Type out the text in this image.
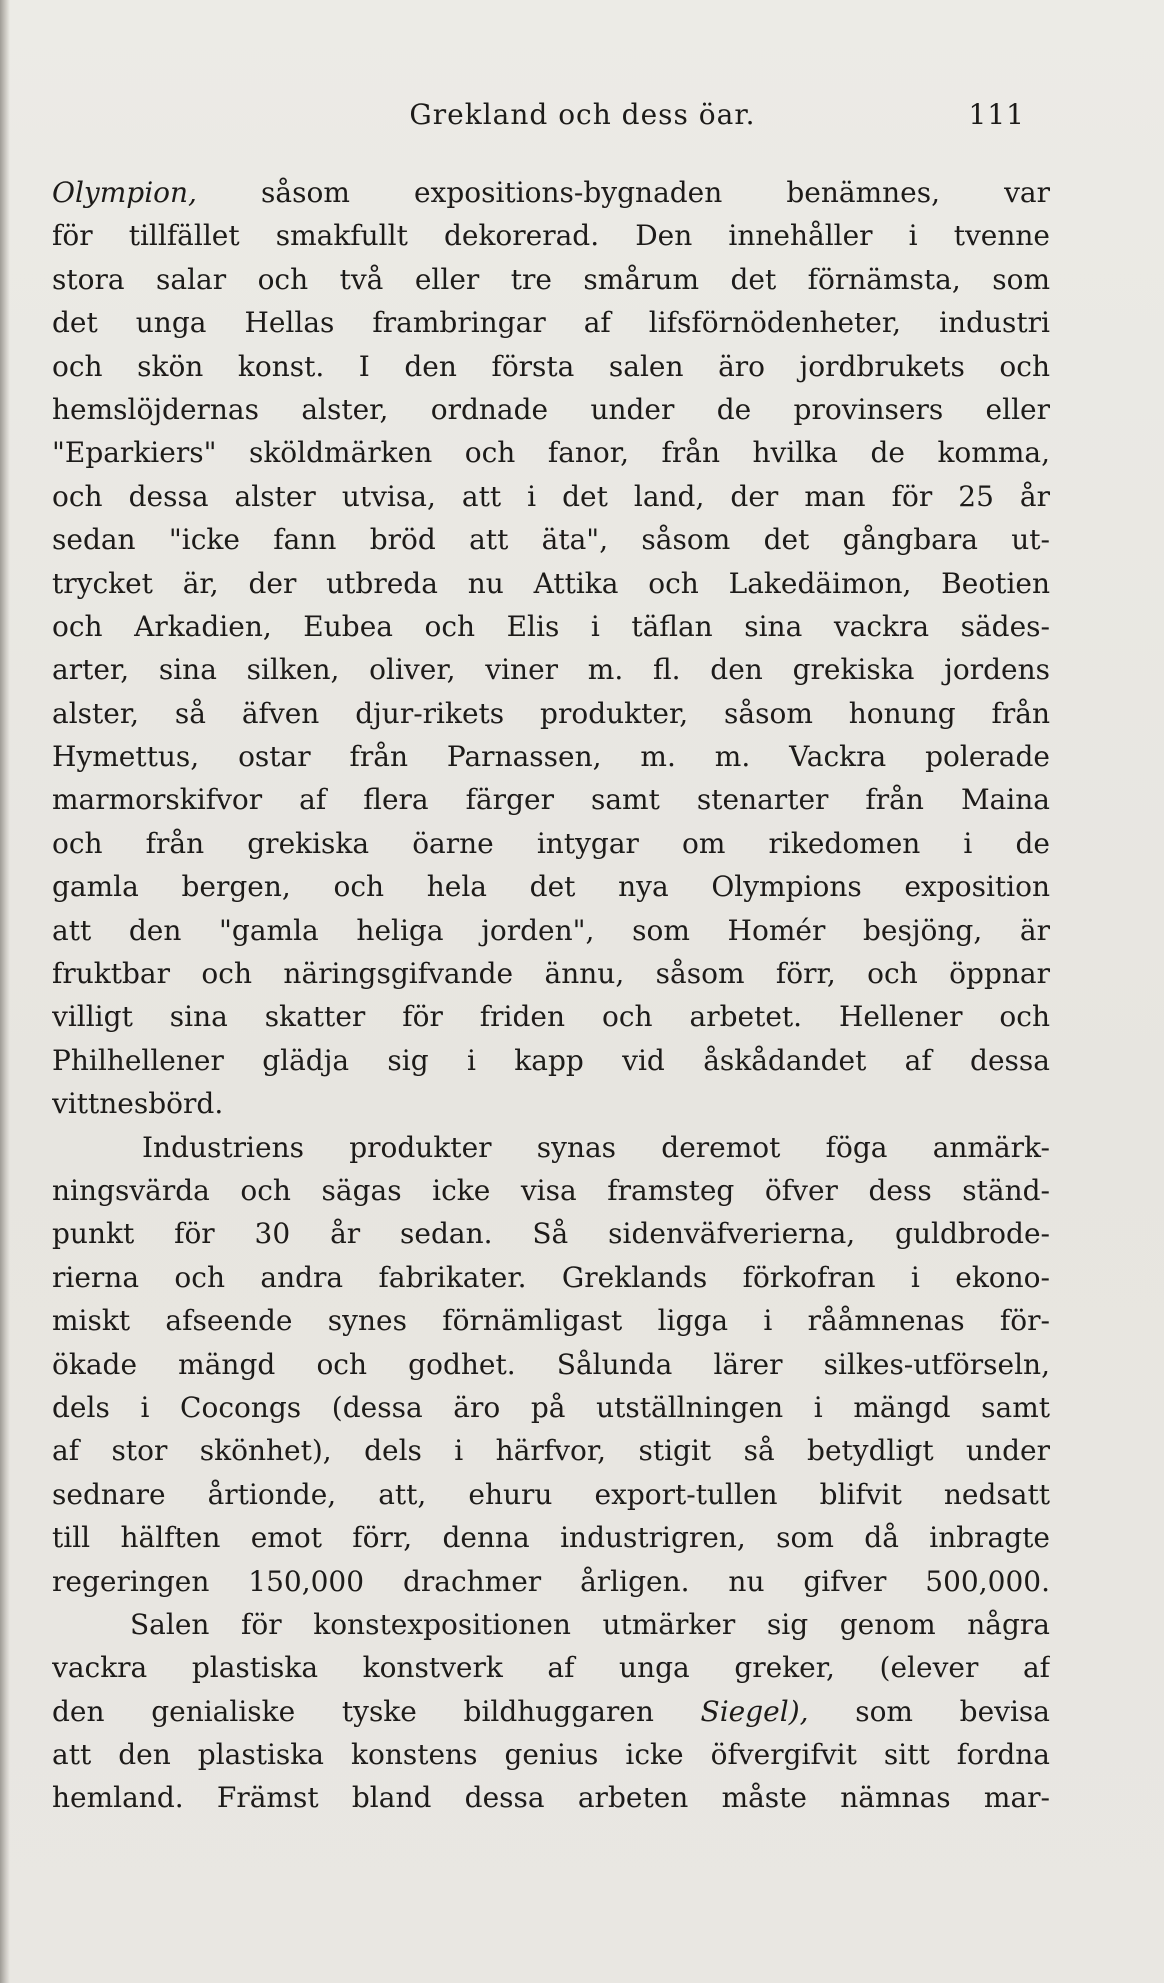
Grekland och dess öar.	111
Olympion, såsom expositions-bygnaden benämnes, var
för tillfället smakfullt dekorerad. Den innehåller i tvenne
stora salar och två eller tre smårum det förnämsta, som
det unga Hellas frambringar af lifsförnödenheter, industri
och skön konst. I den första salen äro jordbrukets och
hemslöjdernas alster, ordnade under de provinsers eller
"Eparkiers" sköldmärken och fanor, från hvilka de komma,
och dessa alster utvisa, att i det land, der man för 25 år
sedan "icke fann bröd att äta", såsom det gångbara ut-
trycket är, der utbreda nu Attika och Lakedäimon, Beotien
och Arkadien, Eubea och Elis i täflan sina vackra sädes-
arter, sina silken, oliver, viner m. fl. den grekiska jordens
alster, så äfven djur-rikets produkter, såsom honung från
Hymettus, ostar från Parnassen, m. m. Vackra polerade
marmorskifvor af flera färger samt stenarter från Maina
och från grekiska öarne intygar om rikedomen i de
gamla bergen, och hela det nya Olympions exposition
att den "gamla heliga jorden", som Homér besjöng, är
fruktbar och näringsgifvande ännu, såsom förr, och öppnar
villigt sina skatter för friden och arbetet. Hellener och
Philhellener glädja sig i kapp vid åskådandet af dessa
vittnesbörd.
Industriens produkter synas deremot föga anmärk-
ningsvärda och sägas icke visa framsteg öfver dess ständ-
punkt för 30 år sedan. Så sidenväfverierna, guldbrode-
rierna och andra fabrikater. Greklands förkofran i ekono-
miskt afseende synes förnämligast ligga i rååmnenas för-
ökade mängd och godhet. Sålunda lärer silkes-utförseln,
dels i Cocongs (dessa äro på utställningen i mängd samt
af stor skönhet), dels i härfvor, stigit så betydligt under
sednare årtionde, att, ehuru export-tullen blifvit nedsatt
till hälften emot förr, denna industrigren, som då inbragte
regeringen 150,000 drachmer årligen. nu gifver 500,000.
Salen för konstexpositionen utmärker sig genom några
vackra plastiska konstverk af unga greker, (elever af
den genialiske tyske bildhuggaren Siegel), som bevisa
att den plastiska konstens genius icke öfvergifvit sitt fordna
hemland. Främst bland dessa arbeten måste nämnas mar-
